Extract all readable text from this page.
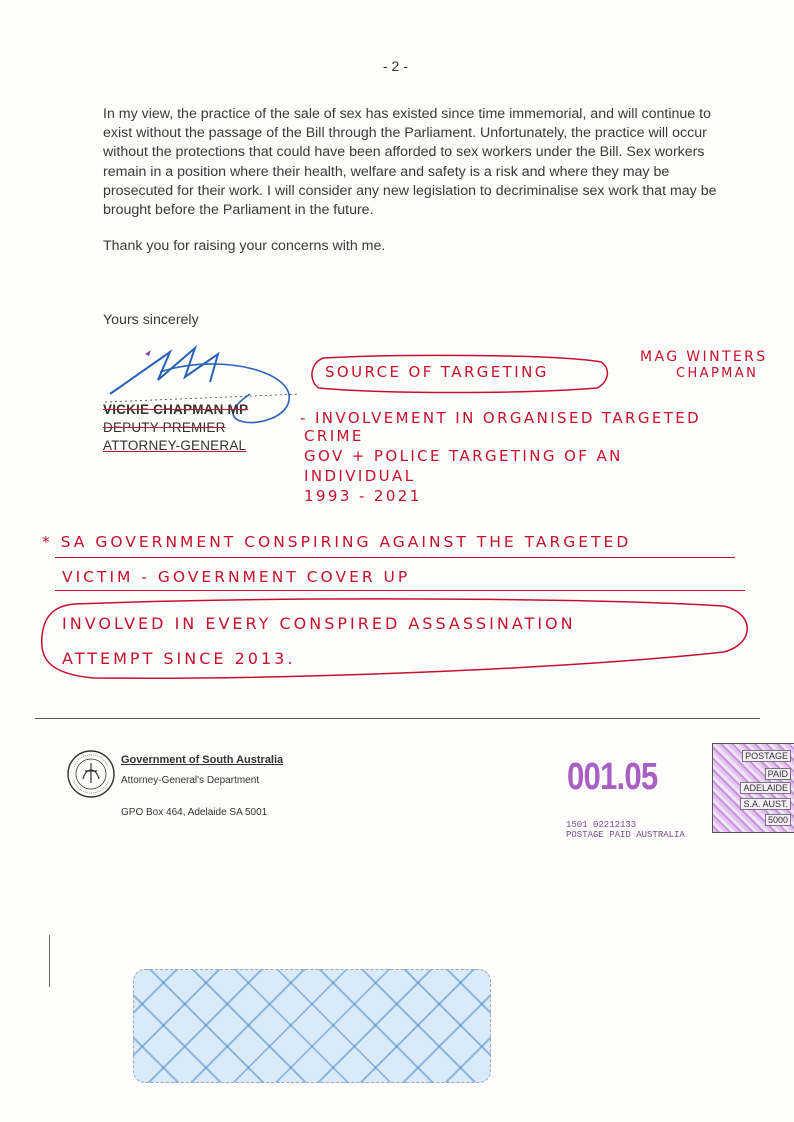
- 2 -

In my view, the practice of the sale of sex has existed since time immemorial, and will continue to exist without the passage of the Bill through the Parliament. Unfortunately, the practice will occur without the protections that could have been afforded to sex workers under the Bill. Sex workers remain in a position where their health, welfare and safety is a risk and where they may be prosecuted for their work. I will consider any new legislation to decriminalise sex work that may be brought before the Parliament in the future.

Thank you for raising your concerns with me.

Yours sincerely
VICKIE CHAPMAN MP
DEPUTY PREMIER
ATTORNEY-GENERAL
SOURCE OF TARGETING
MAG WINTERS
CHAPMAN
- INVOLVEMENT IN ORGANISED TARGETED
CRIME
GOV + POLICE TARGETING OF AN
INDIVIDUAL
1993 - 2021
* SA GOVERNMENT CONSPIRING AGAINST THE TARGETED
VICTIM - GOVERNMENT COVER UP
INVOLVED IN EVERY CONSPIRED ASSASSINATION
ATTEMPT SINCE 2013.
Government of South Australia
Attorney-General's Department
GPO Box 464, Adelaide SA 5001
001.05
1501 02212133
POSTAGE PAID AUSTRALIA
POSTAGE
PAID
ADELAIDE
S.A. AUST.
5000
